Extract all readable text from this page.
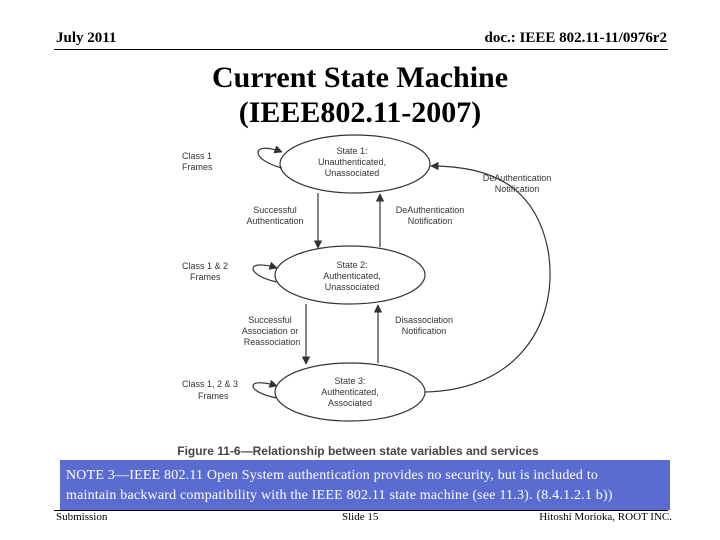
July 2011	doc.: IEEE 802.11-11/0976r2
Current State Machine
(IEEE802.11-2007)
State 1:
Unauthenticated,
Unassociated
State 2:
Authenticated,
Unassociated
State 3:
Authenticated,
Associated
Class 1
Frames
Class 1 & 2
Frames
Class 1, 2 & 3
Frames
Successful
Authentication
DeAuthentication
Notification
Successful
Association or
Reassociation
Disassociation
Notification
DeAuthentication
Notification
Figure 11-6—Relationship between state variables and services
NOTE 3—IEEE 802.11 Open System authentication provides no security, but is included to
maintain backward compatibility with the IEEE 802.11 state machine (see 11.3). (8.4.1.2.1 b))
Submission	Slide 15	Hitoshi Morioka, ROOT INC.
